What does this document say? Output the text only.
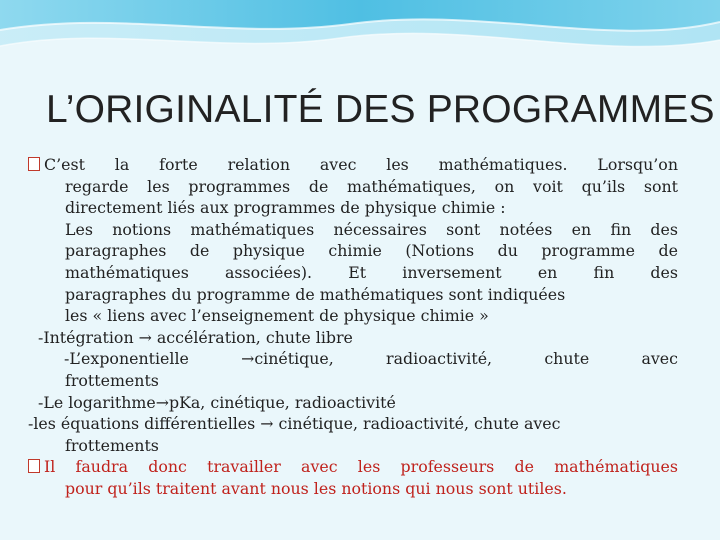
L’ORIGINALITÉ DES PROGRAMMES
C’est la forte relation avec les mathématiques. Lorsqu’on
regarde les programmes de mathématiques, on voit qu’ils sont
directement liés aux programmes de physique chimie :
Les notions mathématiques nécessaires sont notées en fin des
paragraphes de physique chimie (Notions du programme de
mathématiques associées). Et inversement en fin des
paragraphes du programme de mathématiques sont indiquées
les « liens avec l’enseignement de physique chimie »
-Intégration → accélération, chute libre
-L’exponentielle →cinétique, radioactivité, chute avec
frottements
-Le logarithme→pKa, cinétique, radioactivité
-les équations différentielles → cinétique, radioactivité, chute avec
frottements
Il faudra donc travailler avec les professeurs de mathématiques
pour qu’ils traitent avant nous les notions qui nous sont utiles.
